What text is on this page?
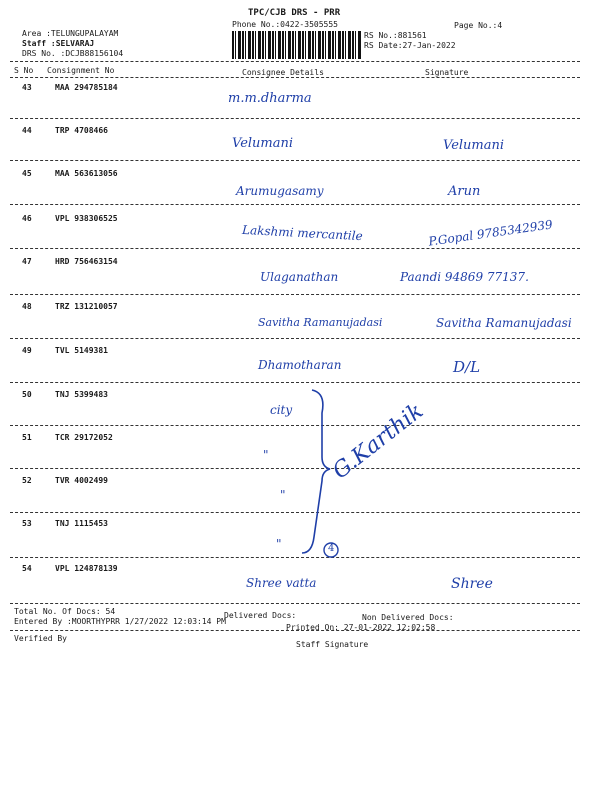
TPC/CJB DRS - PRR
Phone No.:0422-3505555	Page No.:4
Area :TELUNGUPALAYAM
Staff :SELVARAJ
DRS No. :DCJB88156104
RS No.:881561
RS Date:27-Jan-2022
S No Consignment No	Consignee Details	Signature
43	MAA 294785184
m.m.dharma
44	TRP 4708466
Velumani	Velumani
45	MAA 563613056
Arumugasamy	Arun
46	VPL 938306525
Lakshmi mercantile	P.Gopal 9785342939
47	HRD 756463154
Ulaganathan	Paandi 94869 77137.
48	TRZ 131210057
Savitha Ramanujadasi	Savitha Ramanujadasi
49	TVL 5149381
Dhamotharan	D/L
50	TNJ 5399483
city
51	TCR 29172052
"
52	TVR 4002499
"
53	TNJ 1115453
"	4
G.Karthik
54	VPL 124878139
Shree vatta	Shree
Total No. Of Docs: 54	Delivered Docs:	Non Delivered Docs:
Entered By :MOORTHYPRR 1/27/2022 12:03:14 PM
Printed On: 27-01-2022 12:02:58
Verified By
Staff Signature
